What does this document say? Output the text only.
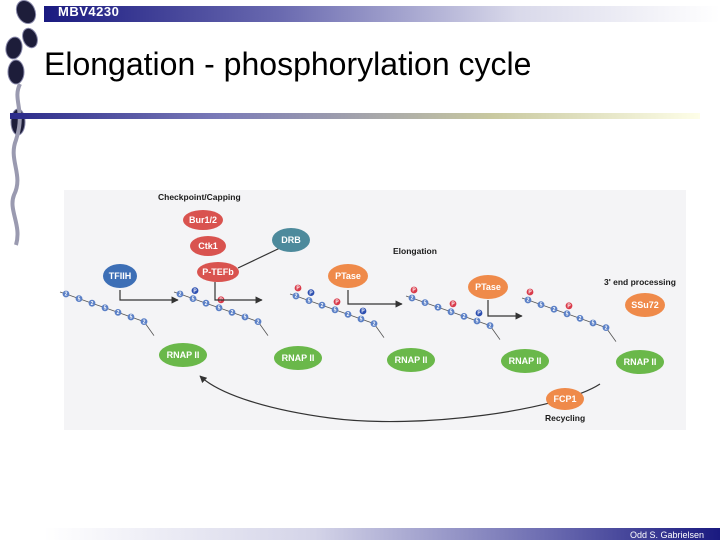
MBV4230
Elongation - phosphorylation cycle
2
5
2
5
2
5
2
2
5
P
2
5
P
2
5
2
2
P
5
P
2
5
P
2
5
P
2
2
P
5
2
5
P
2
5
P
2
2
P
5
2
5
P
2
5
2
Checkpoint/Capping
Elongation
3' end processing
Recycling
TFIIH
Bur1/2
Ctk1
P-TEFb
DRB
PTase
PTase
SSu72
FCP1
RNAP II	RNAP II	RNAP II	RNAP II	RNAP II
Odd S. Gabrielsen
